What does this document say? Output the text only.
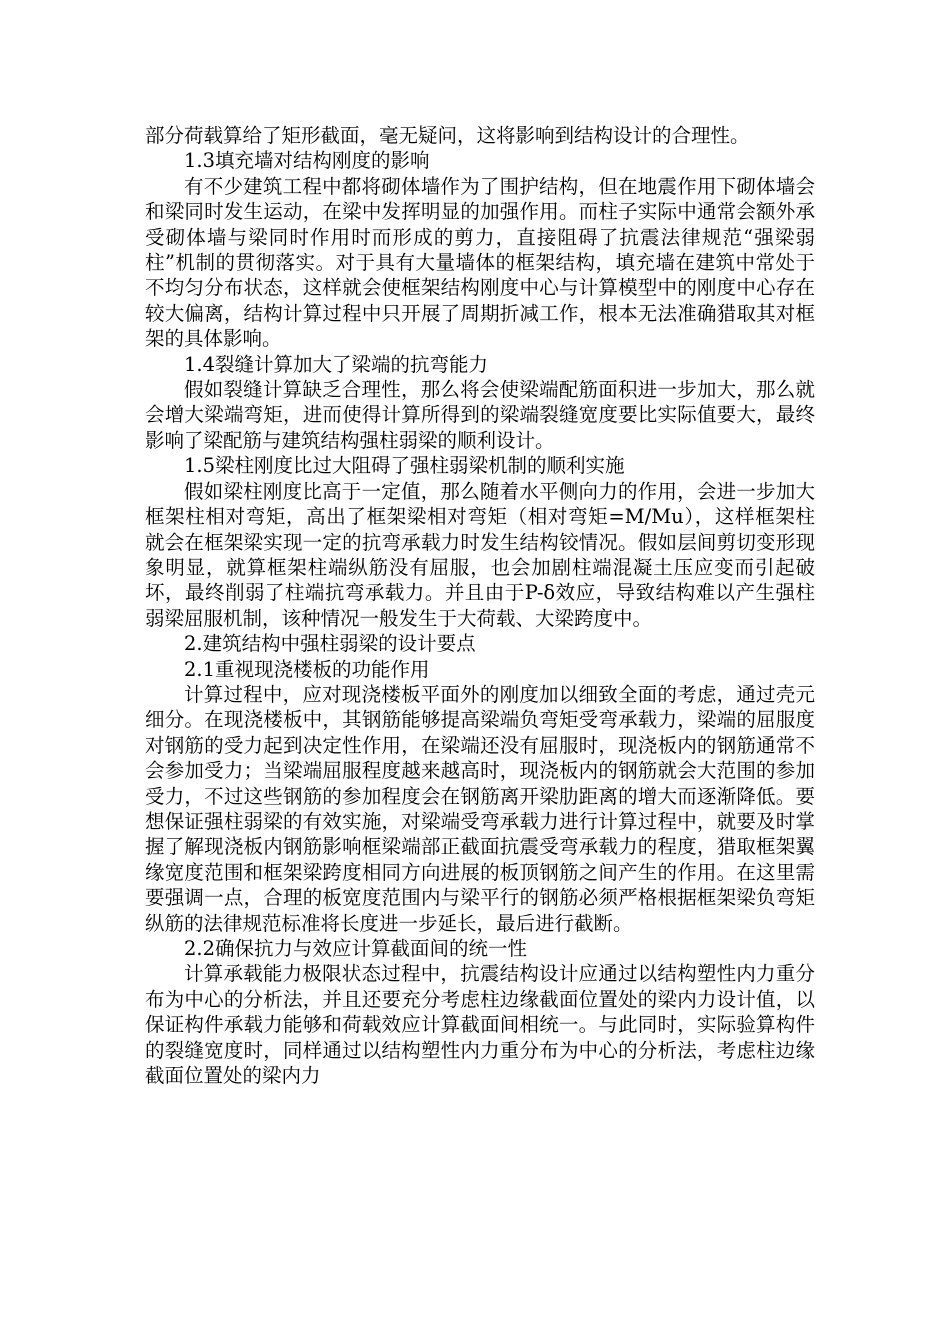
部分荷载算给了矩形截面，毫无疑问，这将影响到结构设计的合理性。

1.3填充墙对结构刚度的影响

有不少建筑工程中都将砌体墙作为了围护结构，但在地震作用下砌体墙会和梁同时发生运动，在梁中发挥明显的加强作用。而柱子实际中通常会额外承受砌体墙与梁同时作用时而形成的剪力，直接阻碍了抗震法律规范“强梁弱柱”机制的贯彻落实。对于具有大量墙体的框架结构，填充墙在建筑中常处于不均匀分布状态，这样就会使框架结构刚度中心与计算模型中的刚度中心存在较大偏离，结构计算过程中只开展了周期折减工作，根本无法准确猎取其对框架的具体影响。

1.4裂缝计算加大了梁端的抗弯能力

假如裂缝计算缺乏合理性，那么将会使梁端配筋面积进一步加大，那么就会增大梁端弯矩，进而使得计算所得到的梁端裂缝宽度要比实际值要大，最终影响了梁配筋与建筑结构强柱弱梁的顺利设计。

1.5梁柱刚度比过大阻碍了强柱弱梁机制的顺利实施

假如梁柱刚度比高于一定值，那么随着水平侧向力的作用，会进一步加大框架柱相对弯矩，高出了框架梁相对弯矩（相对弯矩=M/Mu），这样框架柱就会在框架梁实现一定的抗弯承载力时发生结构铰情况。假如层间剪切变形现象明显，就算框架柱端纵筋没有屈服，也会加剧柱端混凝土压应变而引起破坏，最终削弱了柱端抗弯承载力。并且由于P-δ效应，导致结构难以产生强柱弱梁屈服机制，该种情况一般发生于大荷载、大梁跨度中。

2.建筑结构中强柱弱梁的设计要点

2.1重视现浇楼板的功能作用

计算过程中，应对现浇楼板平面外的刚度加以细致全面的考虑，通过壳元细分。在现浇楼板中，其钢筋能够提高梁端负弯矩受弯承载力，梁端的屈服度对钢筋的受力起到决定性作用，在梁端还没有屈服时，现浇板内的钢筋通常不会参加受力；当梁端屈服程度越来越高时，现浇板内的钢筋就会大范围的参加受力，不过这些钢筋的参加程度会在钢筋离开梁肋距离的增大而逐渐降低。要想保证强柱弱梁的有效实施，对梁端受弯承载力进行计算过程中，就要及时掌握了解现浇板内钢筋影响框梁端部正截面抗震受弯承载力的程度，猎取框架翼缘宽度范围和框架梁跨度相同方向进展的板顶钢筋之间产生的作用。在这里需要强调一点，合理的板宽度范围内与梁平行的钢筋必须严格根据框架梁负弯矩纵筋的法律规范标准将长度进一步延长，最后进行截断。

2.2确保抗力与效应计算截面间的统一性

计算承载能力极限状态过程中，抗震结构设计应通过以结构塑性内力重分布为中心的分析法，并且还要充分考虑柱边缘截面位置处的梁内力设计值，以保证构件承载力能够和荷载效应计算截面间相统一。与此同时，实际验算构件的裂缝宽度时，同样通过以结构塑性内力重分布为中心的分析法，考虑柱边缘截面位置处的梁内力
